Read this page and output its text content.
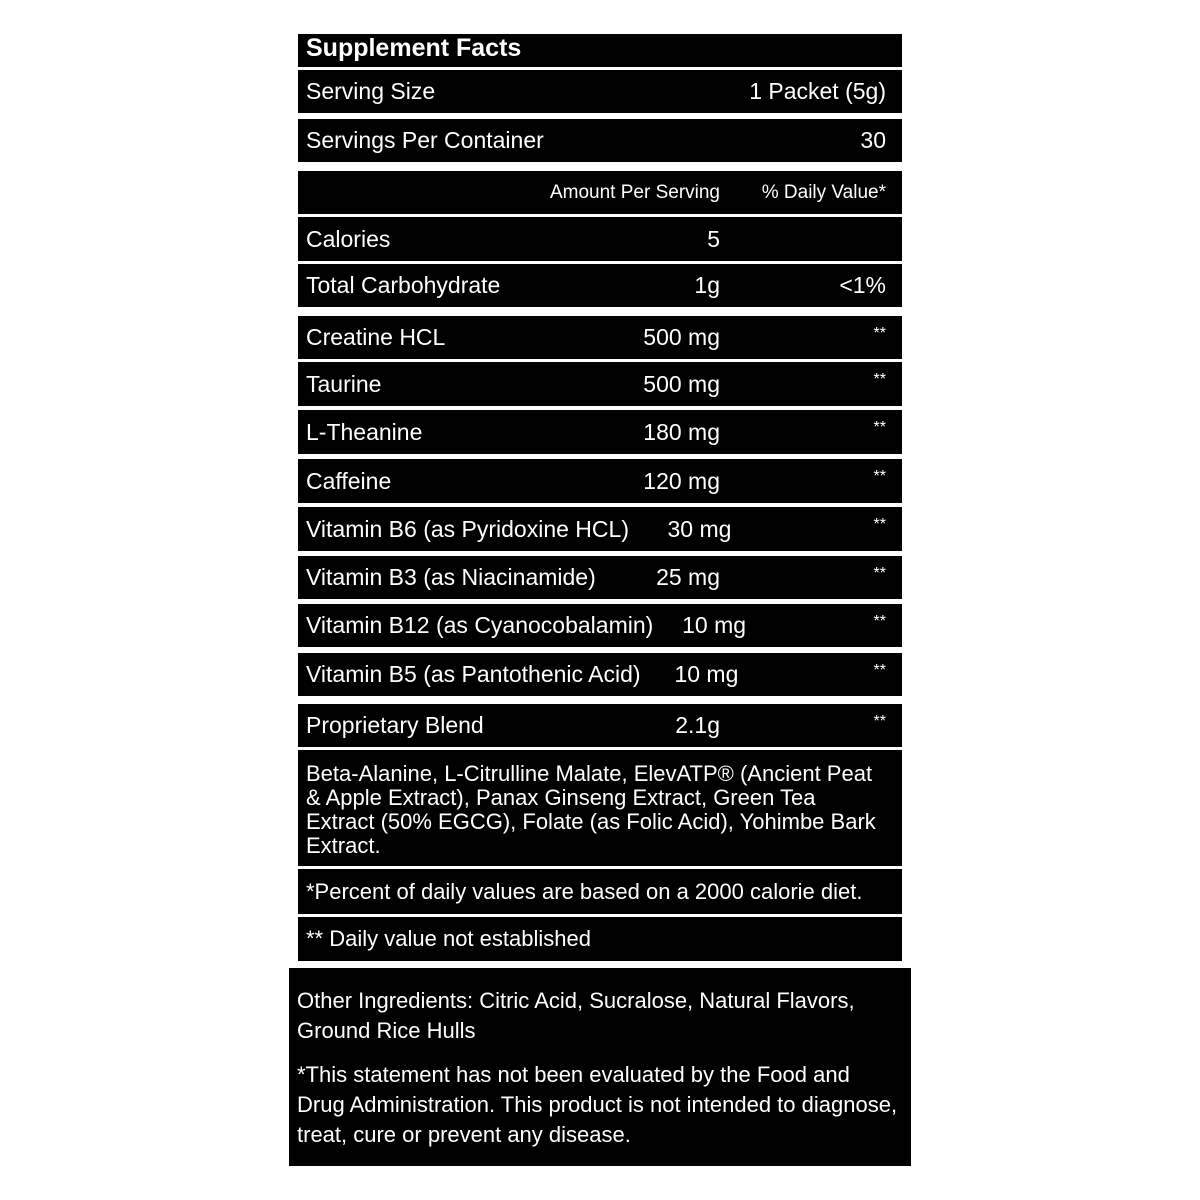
Supplement Facts
Serving Size	1 Packet (5g)
Servings Per Container	30
Amount Per Serving	% Daily Value*
Calories	5
Total Carbohydrate	1g	<1%
Creatine HCL	500 mg	**
Taurine	500 mg	**
L-Theanine	180 mg	**
Caffeine	120 mg	**
Vitamin B6 (as Pyridoxine HCL)	30 mg	**
Vitamin B3 (as Niacinamide)	25 mg	**
Vitamin B12 (as Cyanocobalamin)	10 mg	**
Vitamin B5 (as Pantothenic Acid)	10 mg	**
Proprietary Blend	2.1g	**
Beta-Alanine, L-Citrulline Malate, ElevATP® (Ancient Peat & Apple Extract), Panax Ginseng Extract, Green Tea Extract (50% EGCG), Folate (as Folic Acid), Yohimbe Bark Extract.
*Percent of daily values are based on a 2000 calorie diet.
** Daily value not established

Other Ingredients: Citric Acid, Sucralose, Natural Flavors, Ground Rice Hulls

*This statement has not been evaluated by the Food and Drug Administration. This product is not intended to diagnose, treat, cure or prevent any disease.
